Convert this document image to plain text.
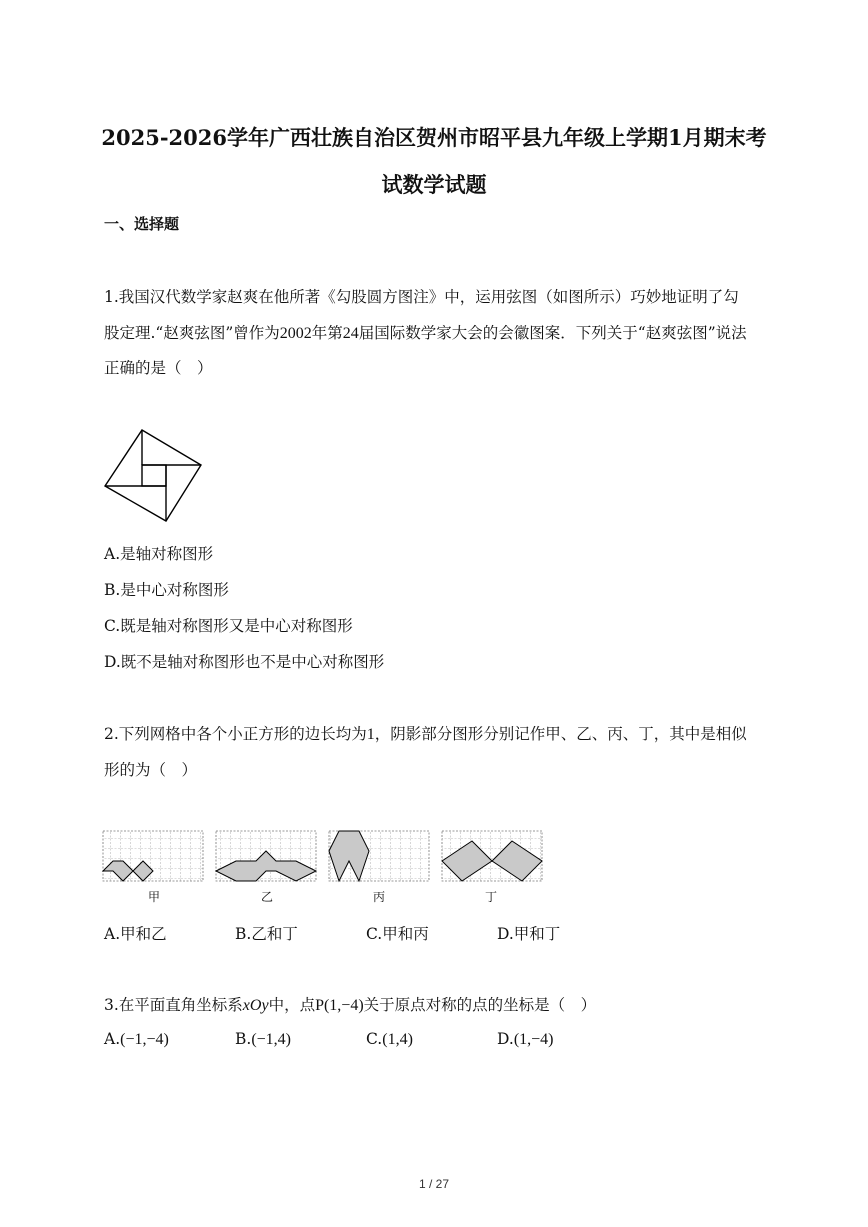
2025-2026学年广西壮族自治区贺州市昭平县九年级上学期1月期末考
试数学试题
一、选择题
1.我国汉代数学家赵爽在他所著《勾股圆方图注》中，运用弦图（如图所示）巧妙地证明了勾
股定理.“赵爽弦图”曾作为2002年第24届国际数学家大会的会徽图案．下列关于“赵爽弦图”说法
正确的是（　）
A.是轴对称图形
B.是中心对称图形
C.既是轴对称图形又是中心对称图形
D.既不是轴对称图形也不是中心对称图形
2.下列网格中各个小正方形的边长均为1，阴影部分图形分别记作甲、乙、丙、丁，其中是相似
形的为（　）
甲	乙	丙	丁
A.甲和乙	B.乙和丁	C.甲和丙	D.甲和丁
3.在平面直角坐标系xOy中，点P(1,−4)关于原点对称的点的坐标是（　）
A.(−1,−4)	B.(−1,4)	C.(1,4)	D.(1,−4)
1 / 27
